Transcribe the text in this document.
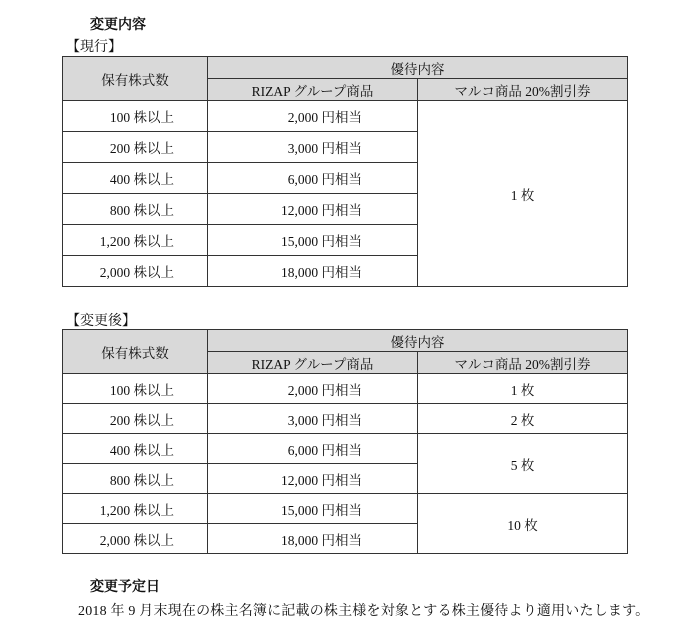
変更内容
【現行】
保有株式数	優待内容	
	RIZAP グループ商品	マルコ商品 20%割引券
100 株以上	2,000 円相当	1 枚
200 株以上	3,000 円相当	
400 株以上	6,000 円相当	
800 株以上	12,000 円相当	
1,200 株以上	15,000 円相当	
2,000 株以上	18,000 円相当	
【変更後】
保有株式数	優待内容	
	RIZAP グループ商品	マルコ商品 20%割引券
100 株以上	2,000 円相当	1 枚
200 株以上	3,000 円相当	2 枚
400 株以上	6,000 円相当	5 枚
800 株以上	12,000 円相当	
1,200 株以上	15,000 円相当	10 枚
2,000 株以上	18,000 円相当	
変更予定日
2018 年 9 月末現在の株主名簿に記載の株主様を対象とする株主優待より適用いたします。
